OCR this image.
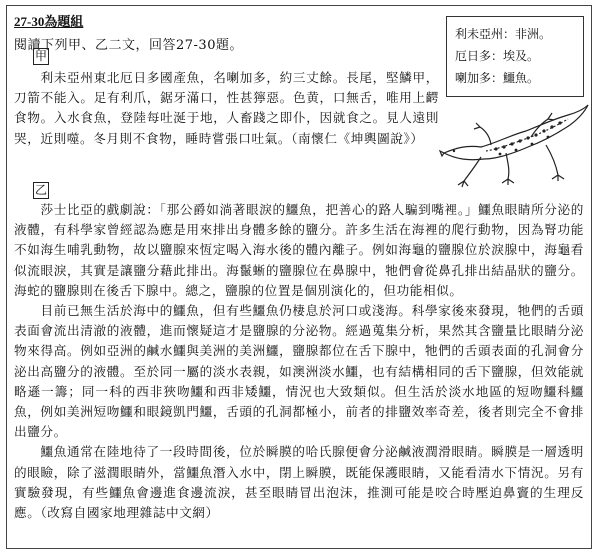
27-30為題組
閱讀下列甲、乙二文，回答27-30題。
利未亞州：非洲。
厄日多：埃及。
喇加多：鱷魚。
甲

利未亞州東北厄日多國產魚，名喇加多，約三丈餘。長尾，堅鱗甲，刀箭不能入。足有利爪，鋸牙滿口，性甚獰惡。色黄，口無舌，唯用上齶食物。入水食魚，登陸每吐涎于地，人畜踐之即仆，因就食之。見人遠則哭，近則噬。冬月則不食物，睡時嘗張口吐氣。（南懷仁《坤輿圖說》）

乙

莎士比亞的戲劇說：「那公爵如淌著眼淚的鱷魚，把善心的路人騙到嘴裡。」鱷魚眼睛所分泌的液體，有科學家曾經認為應是用來排出身體多餘的鹽分。許多生活在海裡的爬行動物，因為腎功能不如海生哺乳動物，故以鹽腺來恆定喝入海水後的體內離子。例如海龜的鹽腺位於淚腺中，海龜看似流眼淚，其實是讓鹽分藉此排出。海鬣蜥的鹽腺位在鼻腺中，牠們會從鼻孔排出結晶狀的鹽分。海蛇的鹽腺則在後舌下腺中。總之，鹽腺的位置是個別演化的，但功能相似。

目前已無生活於海中的鱷魚，但有些鱷魚仍棲息於河口或淺海。科學家後來發現，牠們的舌頭表面會流出清澈的液體，進而懷疑這才是鹽腺的分泌物。經過蒐集分析，果然其含鹽量比眼睛分泌物來得高。例如亞洲的鹹水鱷與美洲的美洲鱷，鹽腺都位在舌下腺中，牠們的舌頭表面的孔洞會分泌出高鹽分的液體。至於同一屬的淡水表親，如澳洲淡水鱷，也有結構相同的舌下鹽腺，但效能就略遜一籌；同一科的西非狹吻鱷和西非矮鱷，情況也大致類似。但生活於淡水地區的短吻鱷科鱷魚，例如美洲短吻鱷和眼鏡凱門鱷，舌頭的孔洞都極小，前者的排鹽效率奇差，後者則完全不會排出鹽分。

鱷魚通常在陸地待了一段時間後，位於瞬膜的哈氏腺便會分泌鹹液潤滑眼睛。瞬膜是一層透明的眼瞼，除了滋潤眼睛外，當鱷魚潛入水中，閉上瞬膜，既能保護眼睛，又能看清水下情況。另有實驗發現，有些鱷魚會邊進食邊流淚，甚至眼睛冒出泡沫，推測可能是咬合時壓迫鼻竇的生理反應。（改寫自國家地理雜誌中文網）
